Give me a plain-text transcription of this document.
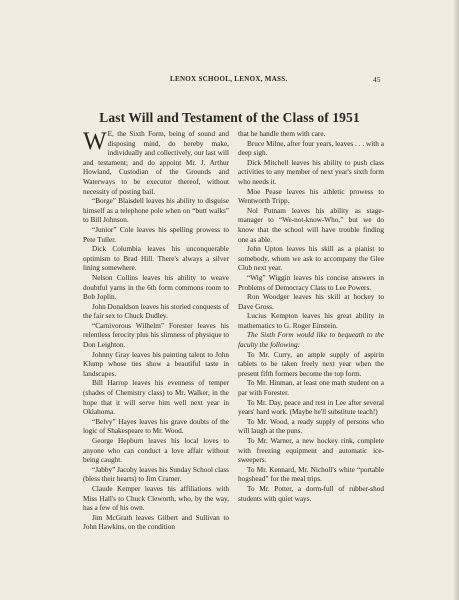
LENOX SCHOOL, LENOX, MASS.	45
Last Will and Testament of the Class of 1951

W E, the Sixth Form, being of sound and disposing mind, do hereby make, individually and collectively, our last will and testament; and do appoint Mr. J. Arthur Howland, Custodian of the Grounds and Waterways to be executor thereof, without necessity of posting bail.

“Borge” Blaisdell leaves his ability to disguise himself as a telephone pole when on “butt walks” to Bill Johnson.

“Junior” Cole leaves his spelling prowess to Pete Tuller.

Dick Columbia leaves his unconquerable optimism to Brad Hill. There's always a silver lining somewhere.

Nelson Collins leaves his ability to weave doubtful yarns in the 6th form commons room to Bob Joplin.

John Donaldson leaves his storied conquests of the fair sex to Chuck Dudley.

“Carnivorous Wilhelm” Forester leaves his relentless ferocity plus his slimness of physique to Don Leighton.

Johnny Gray leaves his painting talent to John Klump whose ties show a beautiful taste in landscapes.

Bill Harrop leaves his evenness of temper (shades of Chemistry class) to Mr. Walker, in the hope that it will serve him well next year in Oklahoma.

“Belvy” Hayes leaves his grave doubts of the logic of Shakespeare to Mr. Wood.

George Hepburn leaves his local loves to anyone who can conduct a love affair without being caught.

“Jabby” Jacoby leaves his Sunday School class (bless their hearts) to Jim Cramer.

Claude Kemper leaves his affiliations with Miss Hall's to Chuck Cleworth, who, by the way, has a few of his own.

Jim McGrath leaves Gilbert and Sullivan to John Hawkins, on the condition

that he handle them with care.

Bruce Milne, after four years, leaves . . . with a deep sigh.

Dick Mitchell leaves his ability to push class activities to any member of next year's sixth form who needs it.

Moe Pease leaves his athletic prowess to Wentworth Tripp.

Nol Putnam leaves his ability as stage-manager to “We-not-know-Who,” but we do know that the school will have trouble finding one as able.

John Upton leaves his skill as a pianist to somebody, whom we ask to accompany the Glee Club next year.

“Wig” Wiggin leaves his concise answers in Problems of Democracy Class to Lee Powers.

Ron Woodger leaves his skill at hockey to Dave Gross.

Lucius Kempton leaves his great ability in mathematics to G. Roger Einstein.

The Sixth Form would like to bequeath to the faculty the following:

To Mr. Curry, an ample supply of aspirin tablets to be taken freely next year when the present fifth formers become the top form.

To Mr. Hinman, at least one math student on a par with Forester.

To Mr. Day, peace and rest in Lee after several years' hard work. (Maybe he'll substitute teach!)

To Mr. Wood, a ready supply of persons who will laugh at the puns.

To Mr. Warner, a new hockey rink, complete with freezing equipment and automatic ice-sweepers.

To Mr. Kennard, Mr. Nicholl's white “portable hogshead” for the meal trips.

To Mr. Potter, a dorm-full of rubber-shod students with quiet ways.
